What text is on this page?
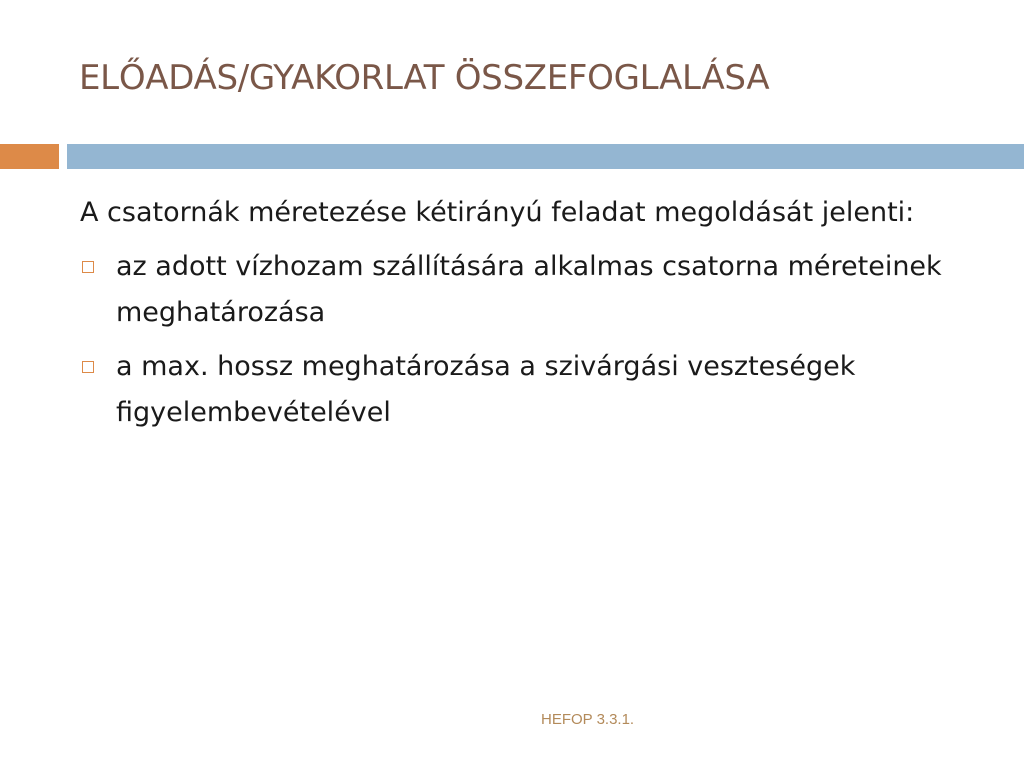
ELŐADÁS/GYAKORLAT ÖSSZEFOGLALÁSA

A csatornák méretezése kétirányú feladat megoldását jelenti:

az adott vízhozam szállítására alkalmas csatorna méreteinek meghatározása
a max. hossz meghatározása a szivárgási veszteségek figyelembevételével
HEFOP 3.3.1.
